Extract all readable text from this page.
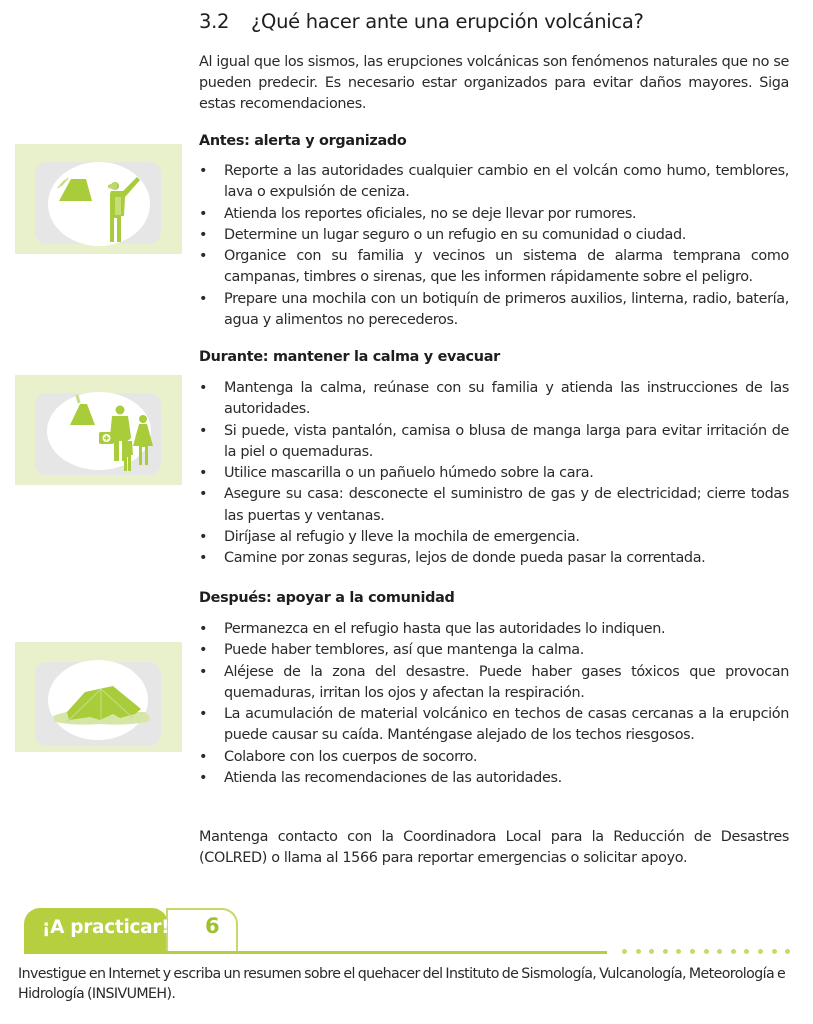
3.2 ¿Qué hacer ante una erupción volcánica?

Al igual que los sismos, las erupciones volcánicas son fenómenos naturales que no se pueden predecir. Es necesario estar organizados para evitar daños mayores. Siga estas recomendaciones.

Antes: alerta y organizado
• Reporte a las autoridades cualquier cambio en el volcán como humo, temblores, lava o expulsión de ceniza.
• Atienda los reportes oficiales, no se deje llevar por rumores.
• Determine un lugar seguro o un refugio en su comunidad o ciudad.
• Organice con su familia y vecinos un sistema de alarma temprana como campanas, timbres o sirenas, que les informen rápidamente sobre el peligro.
• Prepare una mochila con un botiquín de primeros auxilios, linterna, radio, batería, agua y alimentos no perecederos.
Durante: mantener la calma y evacuar
• Mantenga la calma, reúnase con su familia y atienda las instrucciones de las autoridades.
• Si puede, vista pantalón, camisa o blusa de manga larga para evitar irritación de la piel o quemaduras.
• Utilice mascarilla o un pañuelo húmedo sobre la cara.
• Asegure su casa: desconecte el suministro de gas y de electricidad; cierre todas las puertas y ventanas.
• Diríjase al refugio y lleve la mochila de emergencia.
• Camine por zonas seguras, lejos de donde pueda pasar la correntada.
Después: apoyar a la comunidad
• Permanezca en el refugio hasta que las autoridades lo indiquen.
• Puede haber temblores, así que mantenga la calma.
• Aléjese de la zona del desastre. Puede haber gases tóxicos que provocan quemaduras, irritan los ojos y afectan la respiración.
• La acumulación de material volcánico en techos de casas cercanas a la erupción puede causar su caída. Manténgase alejado de los techos riesgosos.
• Colabore con los cuerpos de socorro.
• Atienda las recomendaciones de las autoridades.

Mantenga contacto con la Coordinadora Local para la Reducción de Desastres (COLRED) o llama al 1566 para reportar emergencias o solicitar apoyo.

¡A practicar! 6

Investigue en Internet y escriba un resumen sobre el quehacer del Instituto de Sismología, Vulcanología, Meteorología e Hidrología (INSIVUMEH).
